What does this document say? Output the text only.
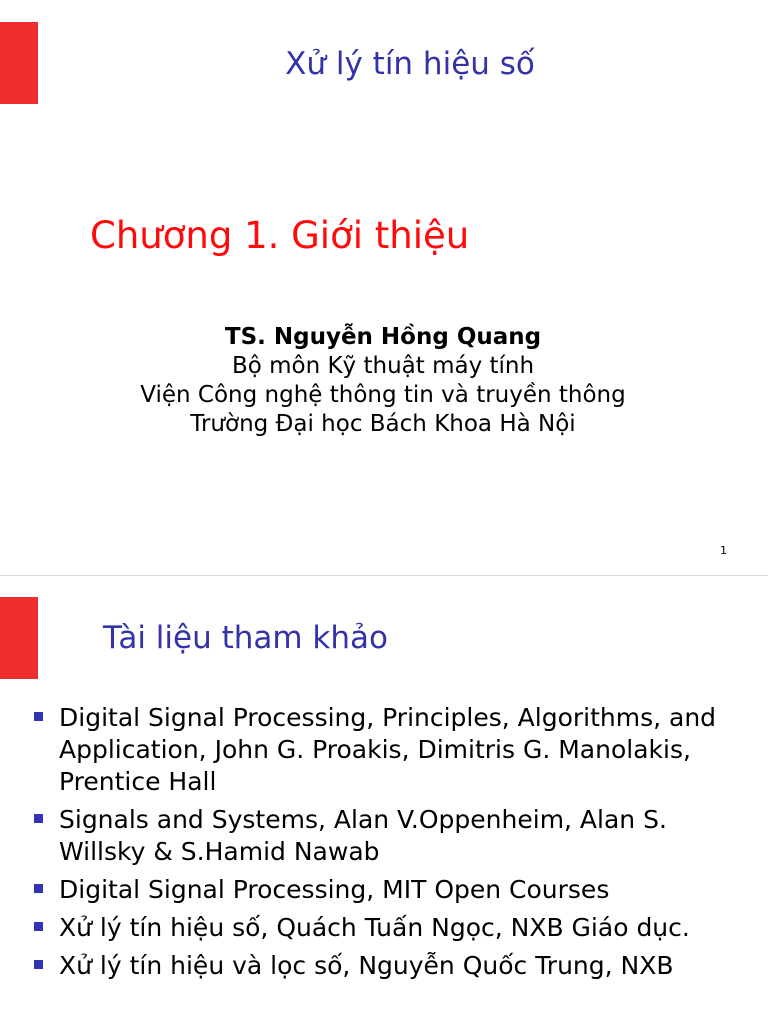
Xử lý tín hiệu số
Chương 1. Giới thiệu
TS. Nguyễn Hồng Quang
Bộ môn Kỹ thuật máy tính
Viện Công nghệ thông tin và truyền thông
Trường Đại học Bách Khoa Hà Nội
1
Tài liệu tham khảo
Digital Signal Processing, Principles, Algorithms, and Application, John G. Proakis, Dimitris G. Manolakis, Prentice Hall
Signals and Systems, Alan V.Oppenheim, Alan S. Willsky & S.Hamid Nawab
Digital Signal Processing, MIT Open Courses
Xử lý tín hiệu số, Quách Tuấn Ngọc, NXB Giáo dục.
Xử lý tín hiệu và lọc số, Nguyễn Quốc Trung, NXB
